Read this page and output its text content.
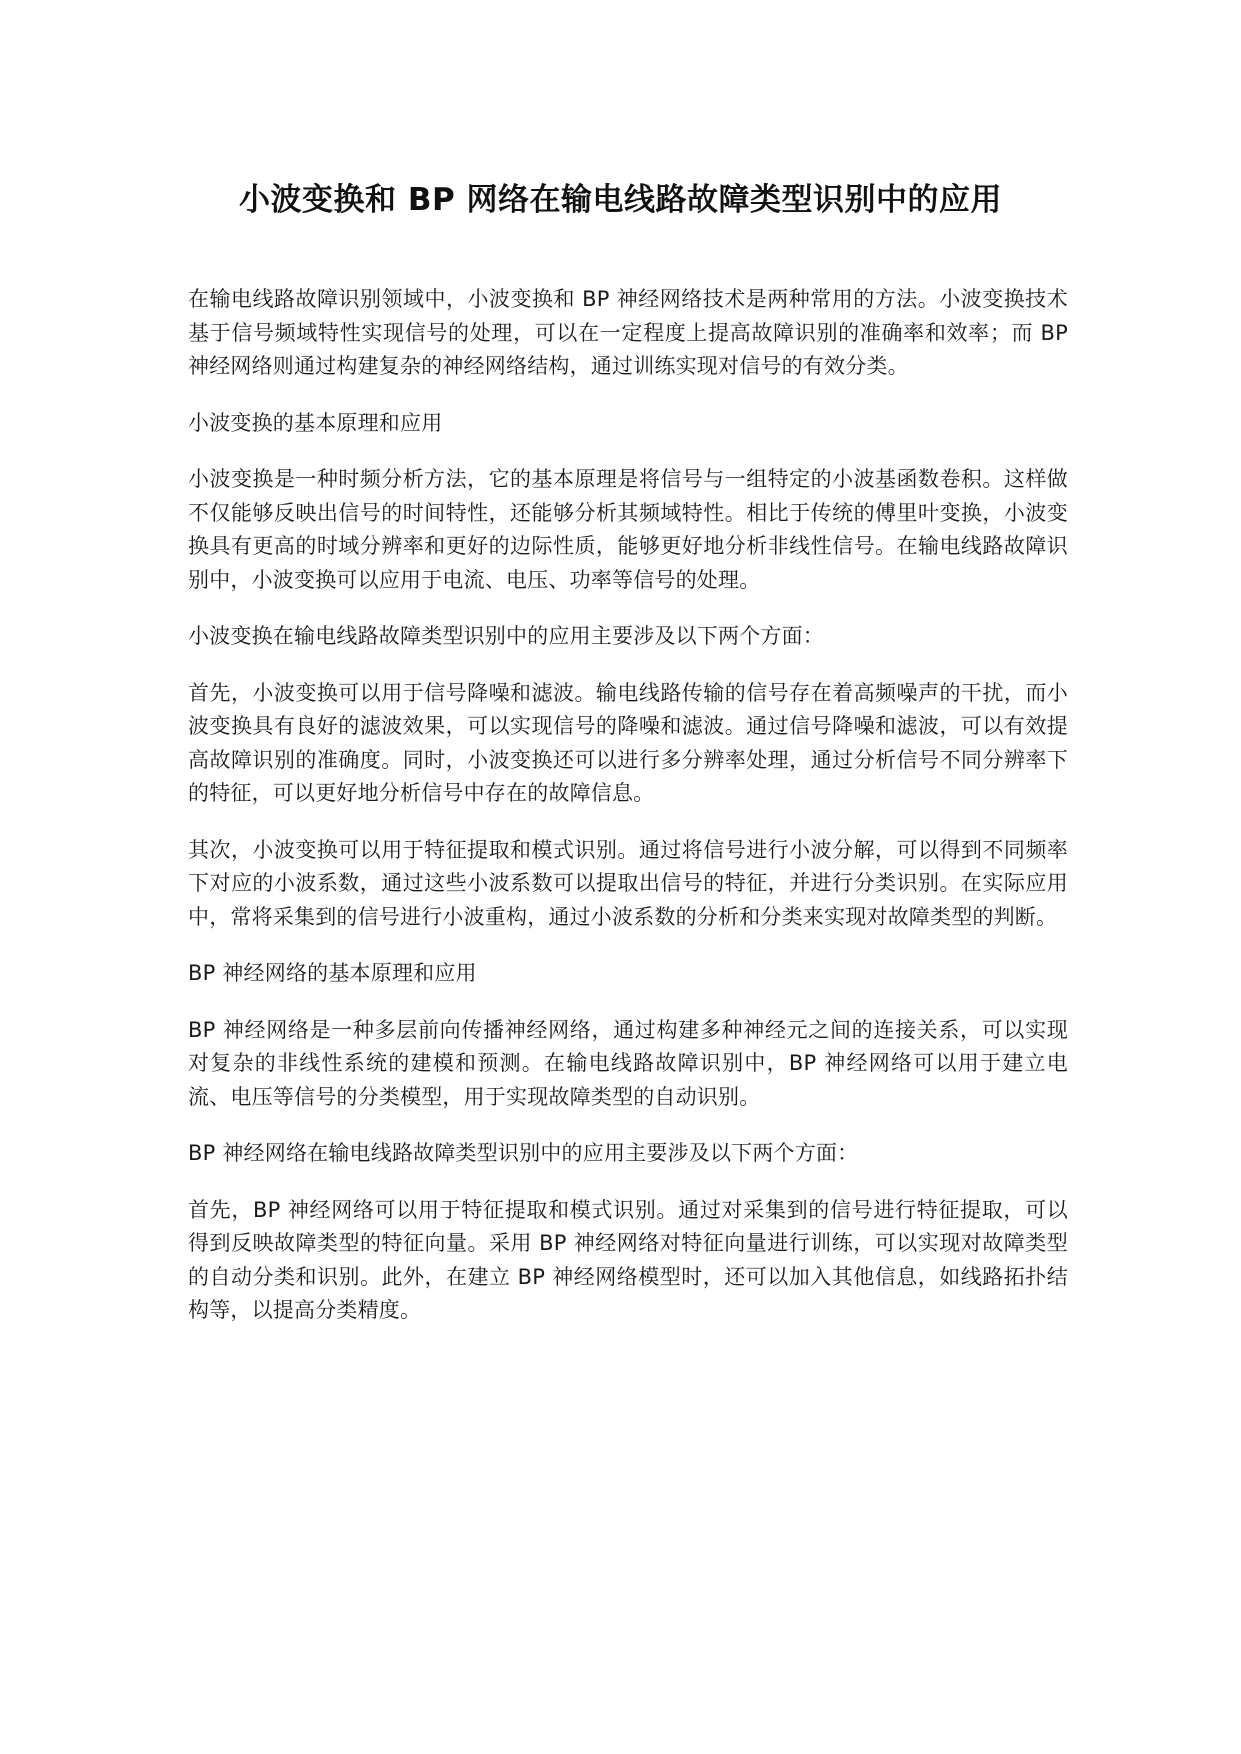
小波变换和 BP 网络在输电线路故障类型识别中的应用

在输电线路故障识别领域中，小波变换和 BP 神经网络技术是两种常用的方法。小波变换技术基于信号频域特性实现信号的处理，可以在一定程度上提高故障识别的准确率和效率；而 BP 神经网络则通过构建复杂的神经网络结构，通过训练实现对信号的有效分类。

小波变换的基本原理和应用

小波变换是一种时频分析方法，它的基本原理是将信号与一组特定的小波基函数卷积。这样做不仅能够反映出信号的时间特性，还能够分析其频域特性。相比于传统的傅里叶变换，小波变换具有更高的时域分辨率和更好的边际性质，能够更好地分析非线性信号。在输电线路故障识别中，小波变换可以应用于电流、电压、功率等信号的处理。

小波变换在输电线路故障类型识别中的应用主要涉及以下两个方面：

首先，小波变换可以用于信号降噪和滤波。输电线路传输的信号存在着高频噪声的干扰，而小波变换具有良好的滤波效果，可以实现信号的降噪和滤波。通过信号降噪和滤波，可以有效提高故障识别的准确度。同时，小波变换还可以进行多分辨率处理，通过分析信号不同分辨率下的特征，可以更好地分析信号中存在的故障信息。

其次，小波变换可以用于特征提取和模式识别。通过将信号进行小波分解，可以得到不同频率下对应的小波系数，通过这些小波系数可以提取出信号的特征，并进行分类识别。在实际应用中，常将采集到的信号进行小波重构，通过小波系数的分析和分类来实现对故障类型的判断。

BP 神经网络的基本原理和应用

BP 神经网络是一种多层前向传播神经网络，通过构建多种神经元之间的连接关系，可以实现对复杂的非线性系统的建模和预测。在输电线路故障识别中，BP 神经网络可以用于建立电流、电压等信号的分类模型，用于实现故障类型的自动识别。

BP 神经网络在输电线路故障类型识别中的应用主要涉及以下两个方面：

首先，BP 神经网络可以用于特征提取和模式识别。通过对采集到的信号进行特征提取，可以得到反映故障类型的特征向量。采用 BP 神经网络对特征向量进行训练，可以实现对故障类型的自动分类和识别。此外，在建立 BP 神经网络模型时，还可以加入其他信息，如线路拓扑结构等，以提高分类精度。
